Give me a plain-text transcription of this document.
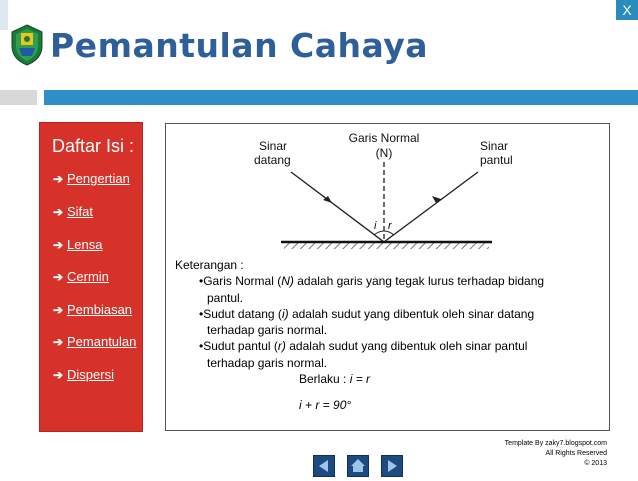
X
Pemantulan Cahaya
Daftar Isi :
➔ Pengertian
➔ Sifat
➔ Lensa
➔ Cermin
➔ Pembiasan
➔ Pemantulan
➔ Dispersi
Garis Normal
(N)
Sinar
datang
Sinar
pantul
i r
Keterangan :
•Garis Normal (N) adalah garis yang tegak lurus terhadap bidang
pantul.
•Sudut datang (i) adalah sudut yang dibentuk oleh sinar datang
terhadap garis normal.
•Sudut pantul (r) adalah sudut yang dibentuk oleh sinar pantul
terhadap garis normal.
Berlaku : i = r
i + r = 90°
Template By zaky7.blogspot.com
All Rights Reserved
© 2013
